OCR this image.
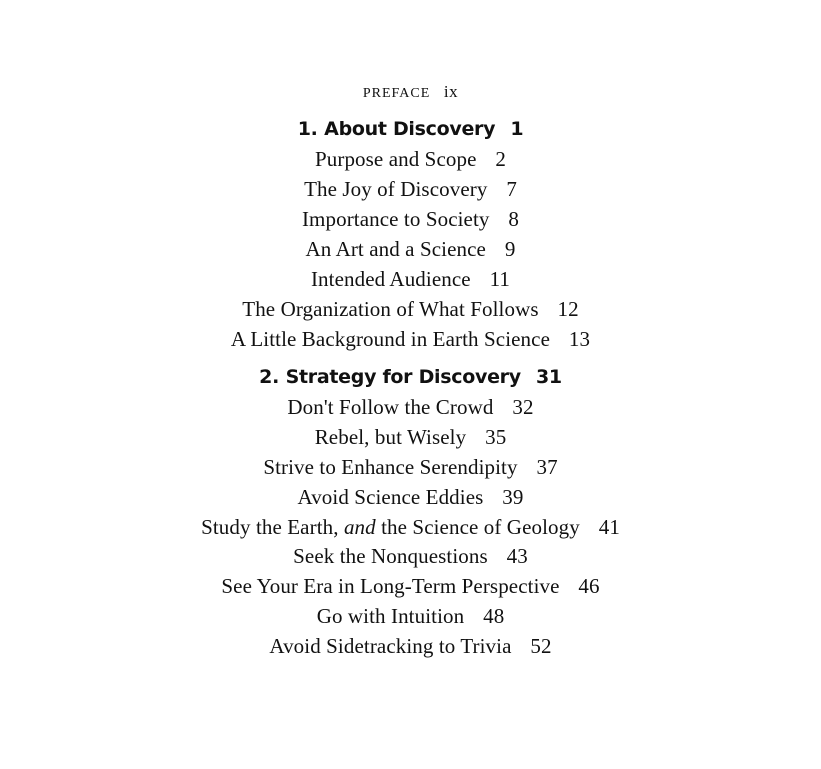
PREFACE ix
1. About Discovery 1
Purpose and Scope 2
The Joy of Discovery 7
Importance to Society 8
An Art and a Science 9
Intended Audience 11
The Organization of What Follows 12
A Little Background in Earth Science 13
2. Strategy for Discovery 31
Don't Follow the Crowd 32
Rebel, but Wisely 35
Strive to Enhance Serendipity 37
Avoid Science Eddies 39
Study the Earth, and the Science of Geology 41
Seek the Nonquestions 43
See Your Era in Long-Term Perspective 46
Go with Intuition 48
Avoid Sidetracking to Trivia 52
